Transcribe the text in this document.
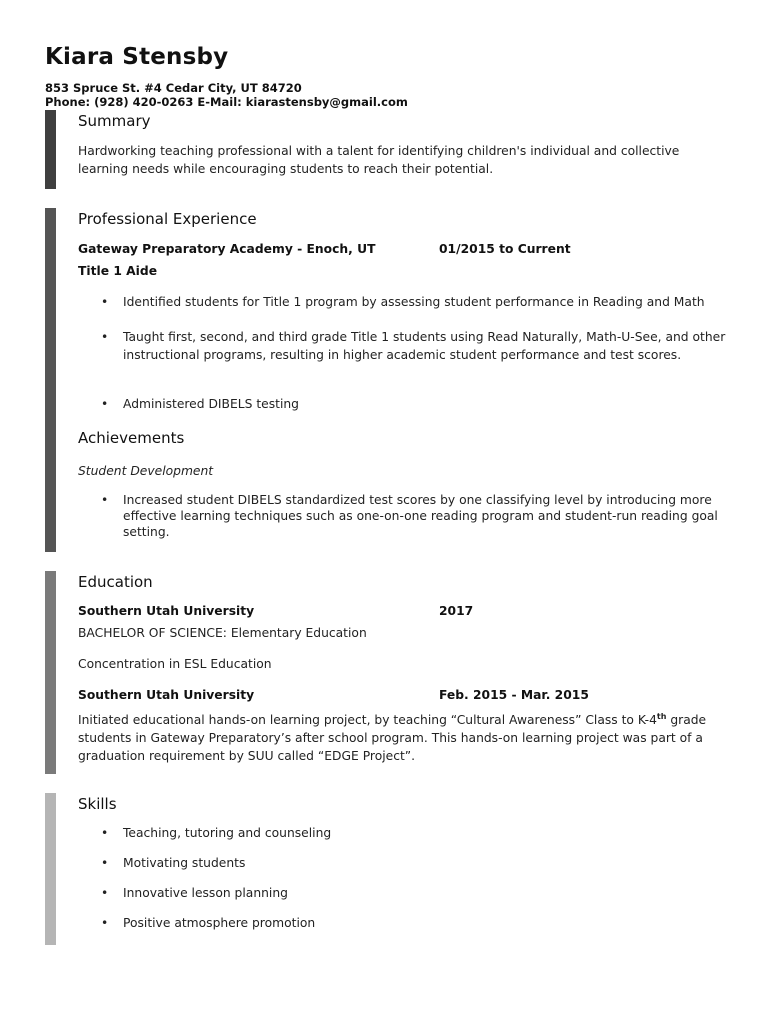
Kiara Stensby
853 Spruce St. #4 Cedar City, UT 84720
Phone: (928) 420-0263 E-Mail: kiarastensby@gmail.com
Summary
Hardworking teaching professional with a talent for identifying children's individual and collective learning needs while encouraging students to reach their potential.
Professional Experience
Gateway Preparatory Academy - Enoch, UT	01/2015 to Current
Title 1 Aide
• Identified students for Title 1 program by assessing student performance in Reading and Math
• Taught first, second, and third grade Title 1 students using Read Naturally, Math-U-See, and other instructional programs, resulting in higher academic student performance and test scores.
• Administered DIBELS testing
Achievements
Student Development
• Increased student DIBELS standardized test scores by one classifying level by introducing more effective learning techniques such as one-on-one reading program and student-run reading goal setting.
Education
Southern Utah University	2017
BACHELOR OF SCIENCE: Elementary Education
Concentration in ESL Education
Southern Utah University	Feb. 2015 - Mar. 2015
Initiated educational hands-on learning project, by teaching “Cultural Awareness” Class to K-4th grade students in Gateway Preparatory’s after school program. This hands-on learning project was part of a graduation requirement by SUU called “EDGE Project”.
Skills
• Teaching, tutoring and counseling
• Motivating students
• Innovative lesson planning
• Positive atmosphere promotion
